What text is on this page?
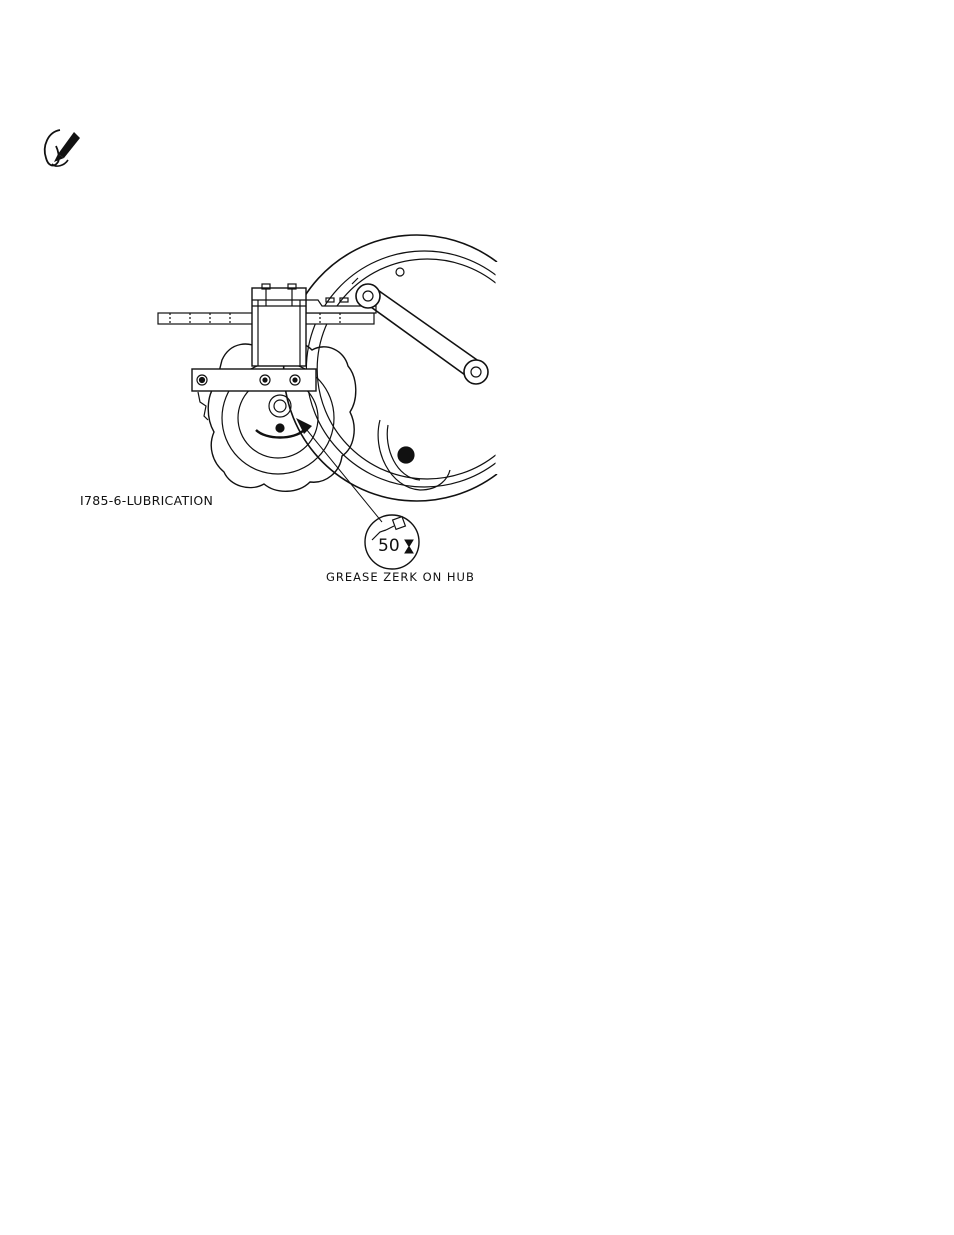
50
I785-6-LUBRICATION
GREASE ZERK ON HUB
